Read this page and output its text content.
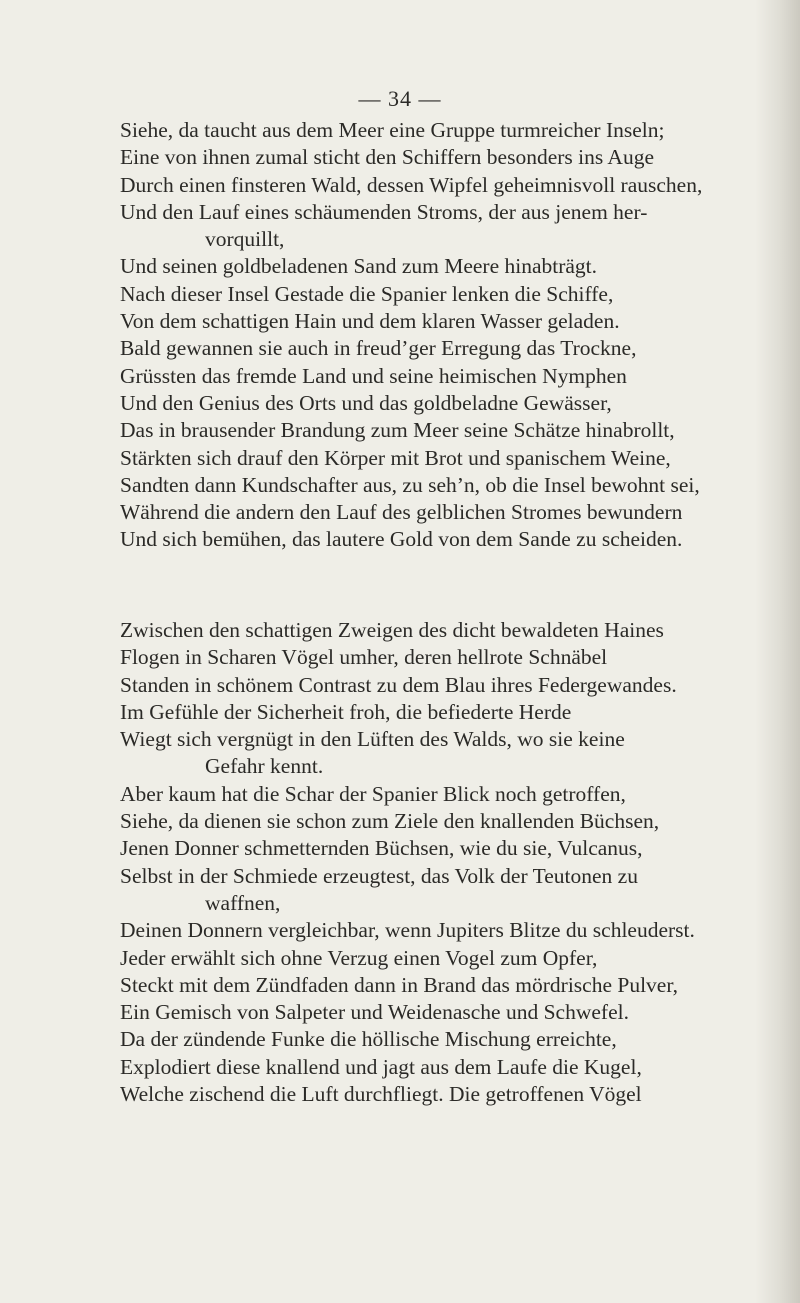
— 34 —
Siehe, da taucht aus dem Meer eine Gruppe turmreicher Inseln;
Eine von ihnen zumal sticht den Schiffern besonders ins Auge
Durch einen finsteren Wald, dessen Wipfel geheimnisvoll rauschen,
Und den Lauf eines schäumenden Stroms, der aus jenem her-
vorquillt,
Und seinen goldbeladenen Sand zum Meere hinabträgt.
Nach dieser Insel Gestade die Spanier lenken die Schiffe,
Von dem schattigen Hain und dem klaren Wasser geladen.
Bald gewannen sie auch in freud’ger Erregung das Trockne,
Grüssten das fremde Land und seine heimischen Nymphen
Und den Genius des Orts und das goldbeladne Gewässer,
Das in brausender Brandung zum Meer seine Schätze hinabrollt,
Stärkten sich drauf den Körper mit Brot und spanischem Weine,
Sandten dann Kundschafter aus, zu seh’n, ob die Insel bewohnt sei,
Während die andern den Lauf des gelblichen Stromes bewundern
Und sich bemühen, das lautere Gold von dem Sande zu scheiden.
Zwischen den schattigen Zweigen des dicht bewaldeten Haines
Flogen in Scharen Vögel umher, deren hellrote Schnäbel
Standen in schönem Contrast zu dem Blau ihres Federgewandes.
Im Gefühle der Sicherheit froh, die befiederte Herde
Wiegt sich vergnügt in den Lüften des Walds, wo sie keine
Gefahr kennt.
Aber kaum hat die Schar der Spanier Blick noch getroffen,
Siehe, da dienen sie schon zum Ziele den knallenden Büchsen,
Jenen Donner schmetternden Büchsen, wie du sie, Vulcanus,
Selbst in der Schmiede erzeugtest, das Volk der Teutonen zu
waffnen,
Deinen Donnern vergleichbar, wenn Jupiters Blitze du schleuderst.
Jeder erwählt sich ohne Verzug einen Vogel zum Opfer,
Steckt mit dem Zündfaden dann in Brand das mördrische Pulver,
Ein Gemisch von Salpeter und Weidenasche und Schwefel.
Da der zündende Funke die höllische Mischung erreichte,
Explodiert diese knallend und jagt aus dem Laufe die Kugel,
Welche zischend die Luft durchfliegt. Die getroffenen Vögel
